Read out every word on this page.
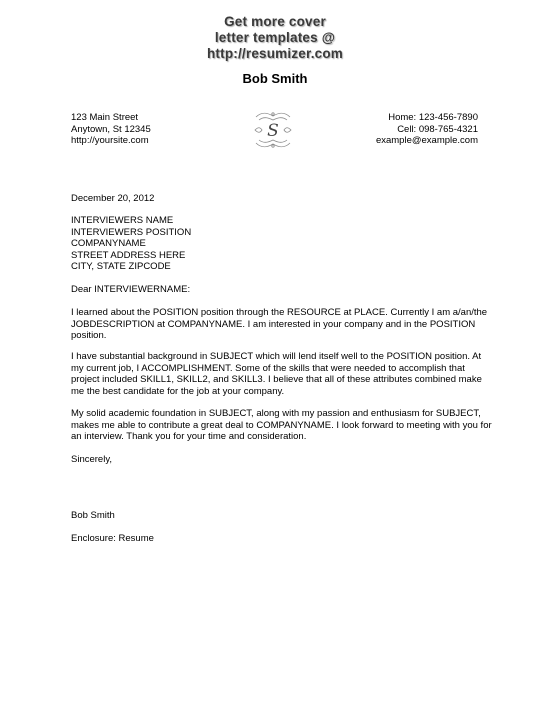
Get more cover
letter templates @
http://resumizer.com
Bob Smith
123 Main Street
Anytown, St 12345
http://yoursite.com	S
Home: 123-456-7890
Cell: 098-765-4321
example@example.com
December 20, 2012
INTERVIEWERS NAME
INTERVIEWERS POSITION
COMPANYNAME
STREET ADDRESS HERE
CITY, STATE ZIPCODE
Dear INTERVIEWERNAME:
I learned about the POSITION position through the RESOURCE at PLACE. Currently I am a/an/the
JOBDESCRIPTION at COMPANYNAME. I am interested in your company and in the POSITION
position.
I have substantial background in SUBJECT which will lend itself well to the POSITION position. At
my current job, I ACCOMPLISHMENT. Some of the skills that were needed to accomplish that
project included SKILL1, SKILL2, and SKILL3. I believe that all of these attributes combined make
me the best candidate for the job at your company.
My solid academic foundation in SUBJECT, along with my passion and enthusiasm for SUBJECT,
makes me able to contribute a great deal to COMPANYNAME. I look forward to meeting with you for
an interview. Thank you for your time and consideration.
Sincerely,
Bob Smith
Enclosure: Resume
